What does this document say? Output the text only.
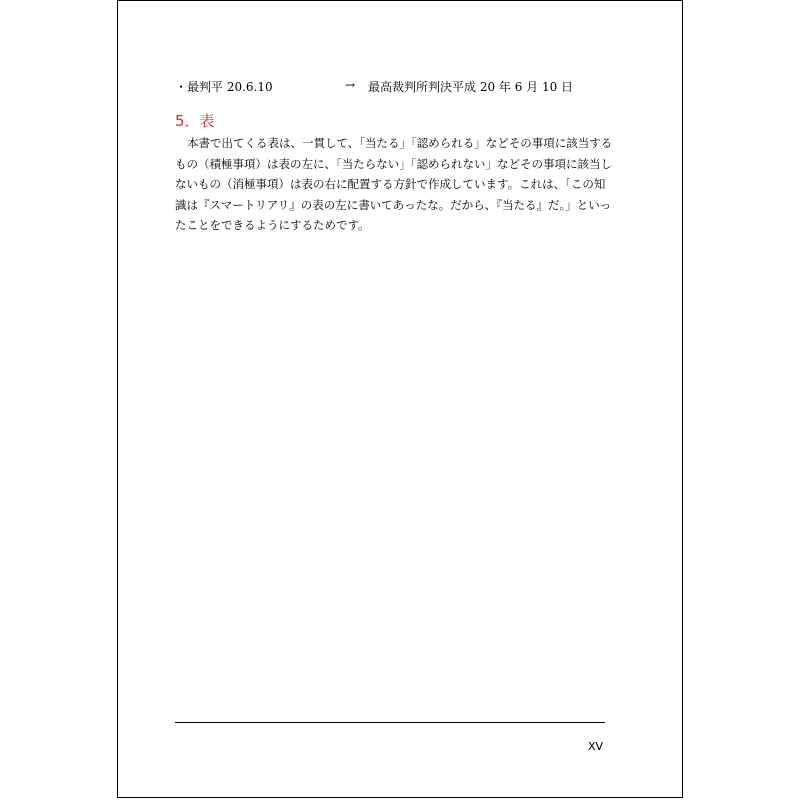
・最判平 20.6.10	→ 最高裁判所判決平成 20 年 6 月 10 日
5．表
本書で出てくる表は、一貫して、「当たる」「認められる」などその事項に該当する
もの（積極事項）は表の左に、「当たらない」「認められない」などその事項に該当し
ないもの（消極事項）は表の右に配置する方針で作成しています。これは、「この知
識は『スマートリアリ』の表の左に書いてあったな。だから、『当たる』だ。」といっ
たことをできるようにするためです。
XV
